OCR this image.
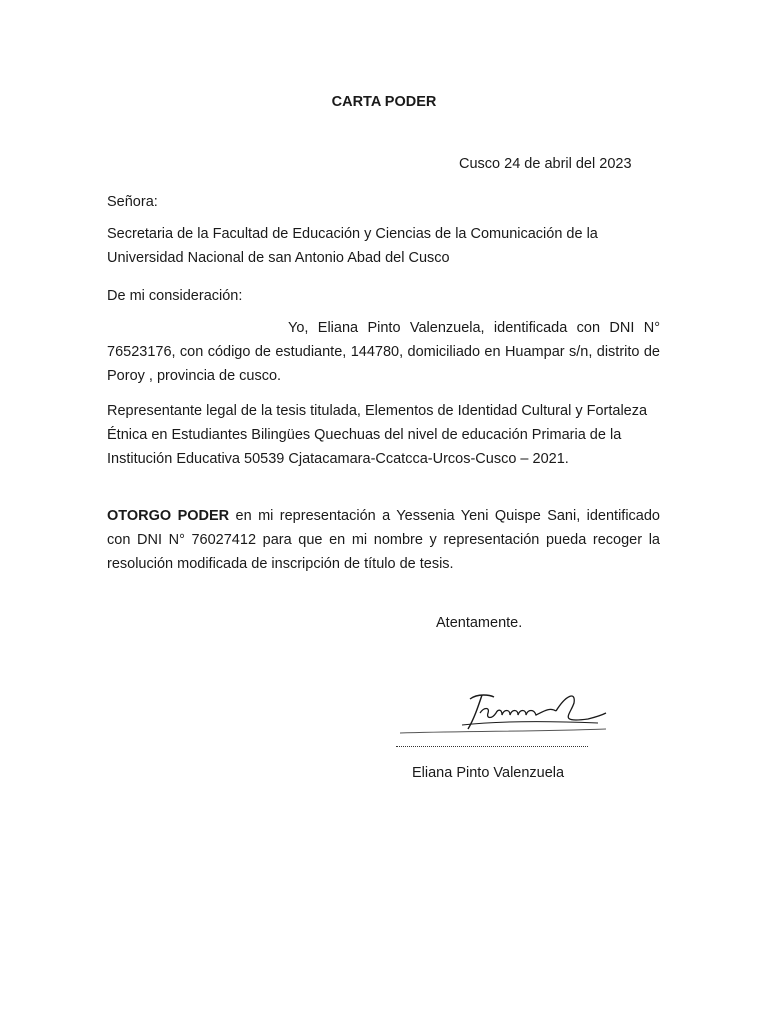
CARTA PODER
Cusco 24 de abril del 2023
Señora:
Secretaria de la Facultad de Educación y Ciencias de la Comunicación de la Universidad Nacional de san Antonio Abad del Cusco
De mi consideración:
Yo, Eliana Pinto Valenzuela, identificada con DNI N° 76523176, con código de estudiante, 144780, domiciliado en Huampar s/n, distrito de Poroy , provincia de cusco.
Representante legal de la tesis titulada, Elementos de Identidad Cultural y Fortaleza Étnica en Estudiantes Bilingües Quechuas del nivel de educación Primaria de la Institución Educativa 50539 Cjatacamara-Ccatcca-Urcos-Cusco – 2021.
OTORGO PODER en mi representación a Yessenia Yeni Quispe Sani, identificado con DNI N° 76027412 para que en mi nombre y representación pueda recoger la resolución modificada de inscripción de título de tesis.
Atentamente.
Eliana Pinto Valenzuela
